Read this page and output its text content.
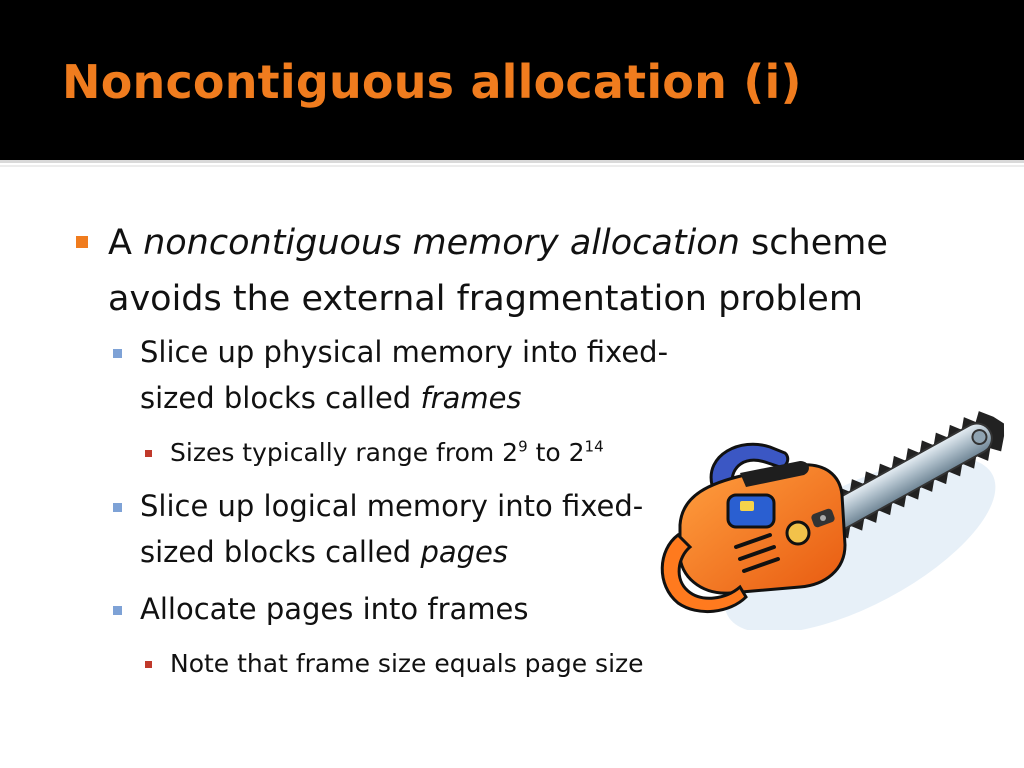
Noncontiguous allocation (i)
A noncontiguous memory allocation scheme avoids the external fragmentation problem
Slice up physical memory into fixed-sized blocks called frames
Sizes typically range from $2^9$ to $2^{14}$
Slice up logical memory into fixed-sized blocks called pages
Allocate pages into frames
Note that frame size equals page size
